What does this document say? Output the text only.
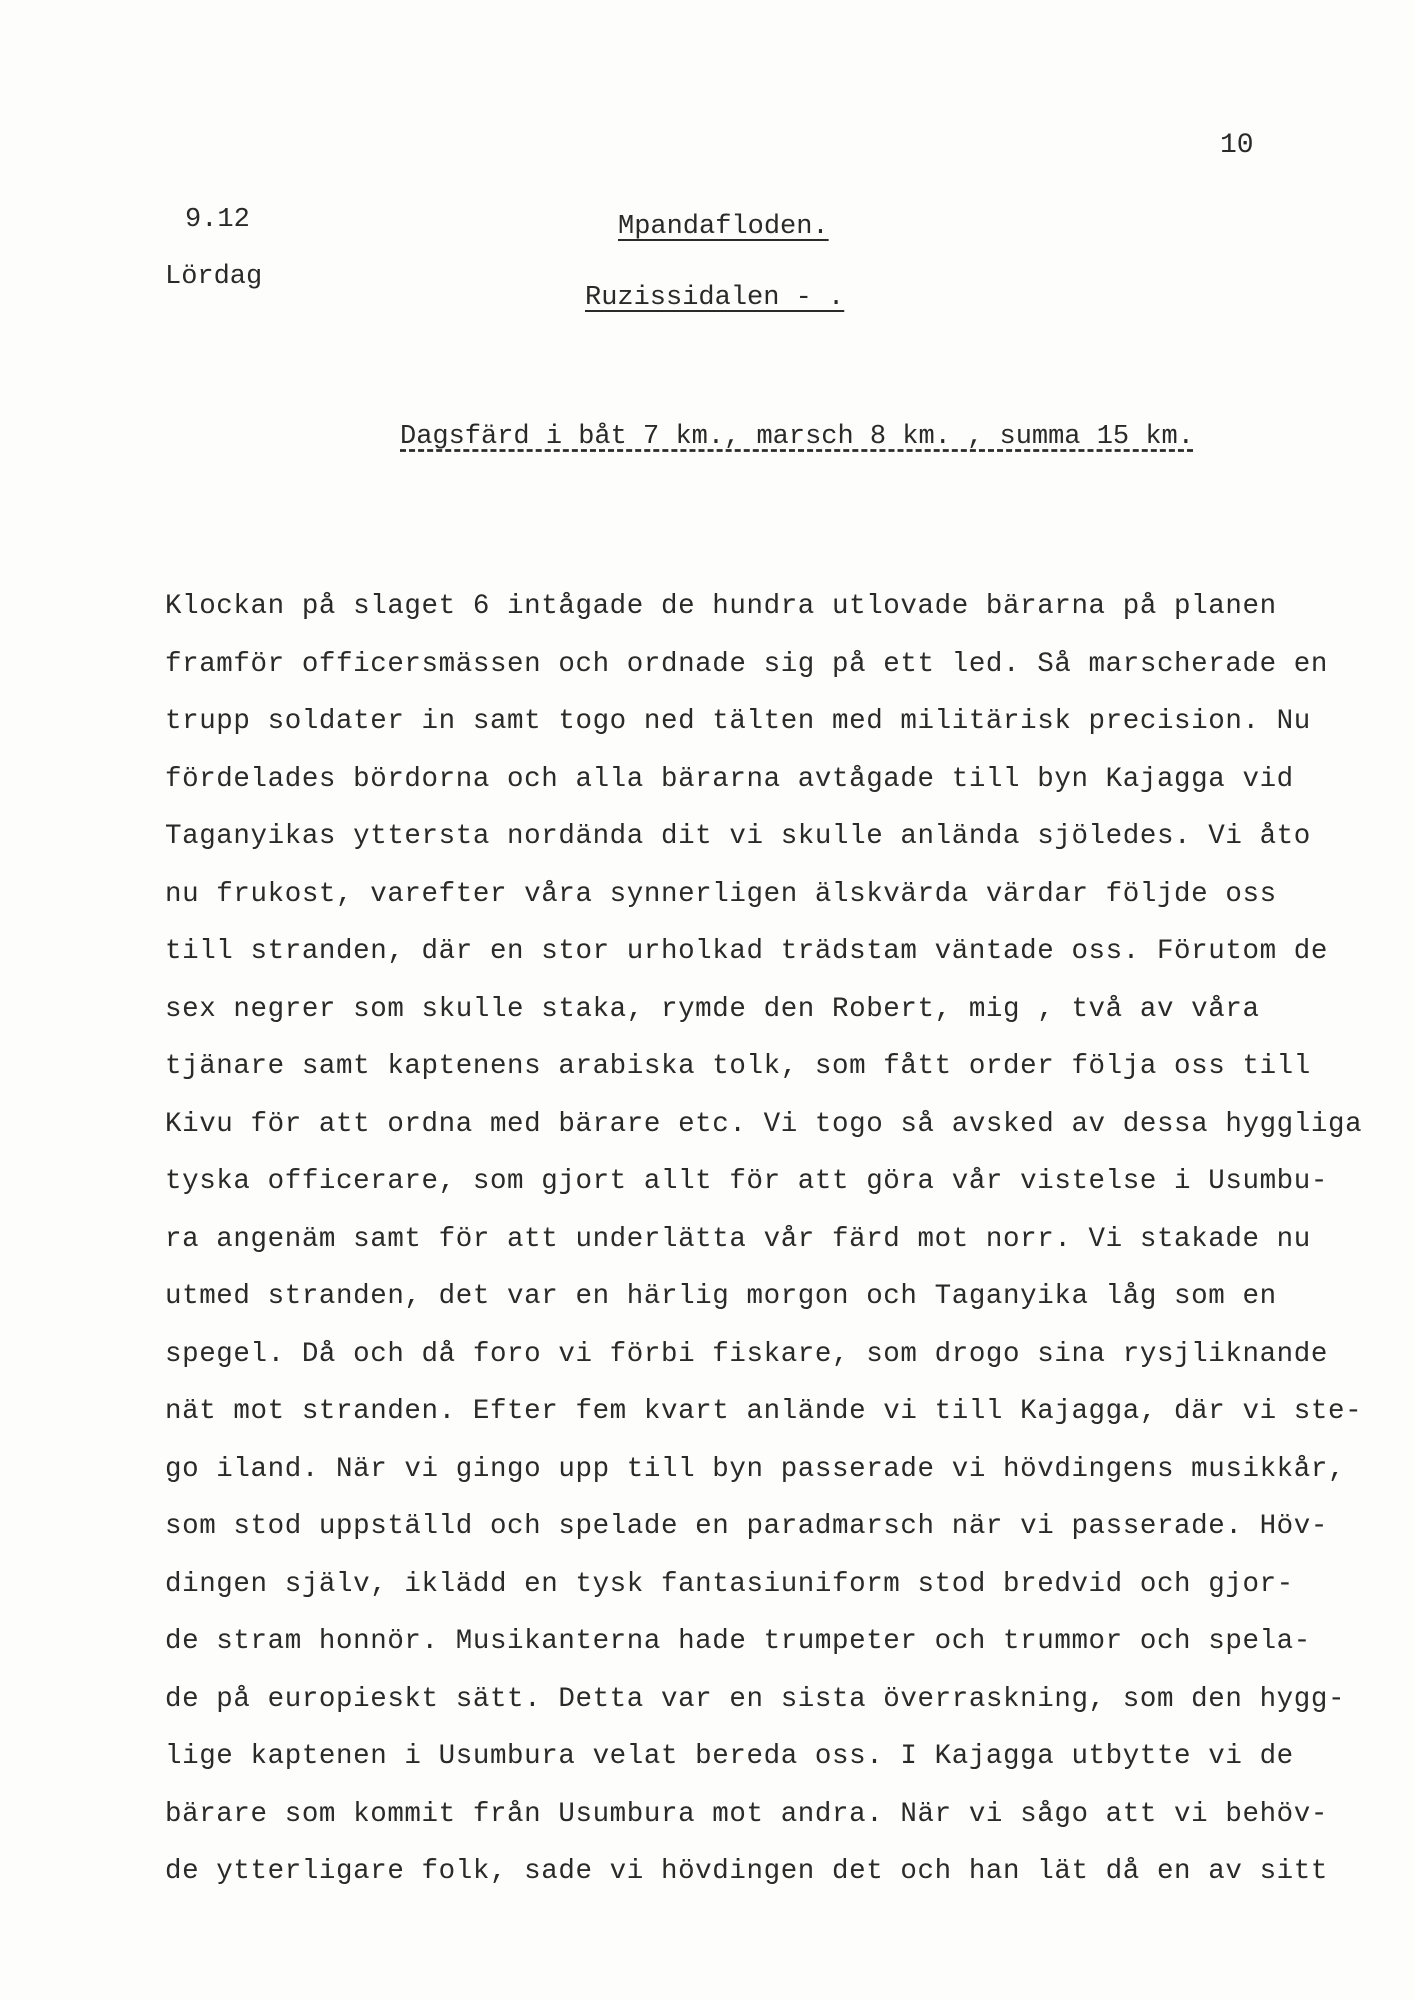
10
9.12
Lördag
Mpandafloden.
Ruzissidalen - .
Dagsfärd i båt 7 km., marsch 8 km. , summa 15 km.
Klockan på slaget 6 intågade de hundra utlovade bärarna på planen
framför officersmässen och ordnade sig på ett led. Så marscherade en
trupp soldater in samt togo ned tälten med militärisk precision. Nu
fördelades bördorna och alla bärarna avtågade till byn Kajagga vid
Taganyikas yttersta nordända dit vi skulle anlända sjöledes. Vi åto
nu frukost, varefter våra synnerligen älskvärda värdar följde oss
till stranden, där en stor urholkad trädstam väntade oss. Förutom de
sex negrer som skulle staka, rymde den Robert, mig , två av våra
tjänare samt kaptenens arabiska tolk, som fått order följa oss till
Kivu för att ordna med bärare etc. Vi togo så avsked av dessa hyggliga
tyska officerare, som gjort allt för att göra vår vistelse i Usumbu-
ra angenäm samt för att underlätta vår färd mot norr. Vi stakade nu
utmed stranden, det var en härlig morgon och Taganyika låg som en
spegel. Då och då foro vi förbi fiskare, som drogo sina rysjliknande
nät mot stranden. Efter fem kvart anlände vi till Kajagga, där vi ste-
go iland. När vi gingo upp till byn passerade vi hövdingens musikkår,
som stod uppställd och spelade en paradmarsch när vi passerade. Höv-
dingen själv, iklädd en tysk fantasiuniform stod bredvid och gjor-
de stram honnör. Musikanterna hade trumpeter och trummor och spela-
de på europieskt sätt. Detta var en sista överraskning, som den hygg-
lige kaptenen i Usumbura velat bereda oss. I Kajagga utbytte vi de
bärare som kommit från Usumbura mot andra. När vi sågo att vi behöv-
de ytterligare folk, sade vi hövdingen det och han lät då en av sitt
